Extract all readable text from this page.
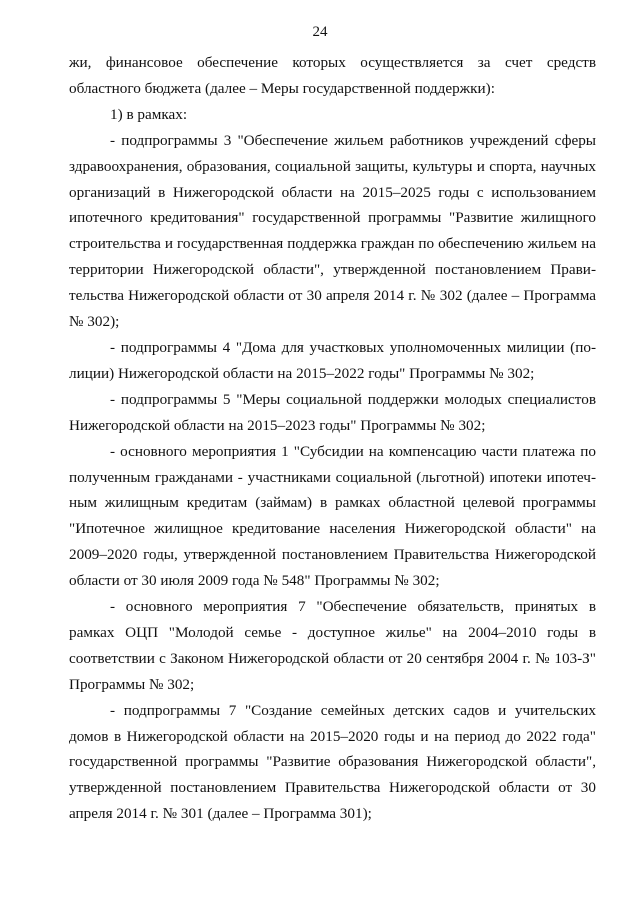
24

жи, финансовое обеспечение которых осуществляется за счет средств областного бюджета (далее – Меры государственной поддержки):

1) в рамках:

- подпрограммы 3 "Обеспечение жильем работников учреждений сферы здравоохранения, образования, социальной защиты, культуры и спорта, научных организаций в Нижегородской области на 2015–2025 годы с использованием ипотечного кредитования" государственной программы "Развитие жилищного строительства и государственная поддержка граждан по обеспечению жильем на территории Нижегородской области", утвержденной постановлением Правительства Нижегородской области от 30 апреля 2014 г. № 302 (далее – Программа № 302);

- подпрограммы 4 "Дома для участковых уполномоченных милиции (полиции) Нижегородской области на 2015–2022 годы" Программы № 302;

- подпрограммы 5 "Меры социальной поддержки молодых специалистов Нижегородской области на 2015–2023 годы" Программы № 302;

- основного мероприятия 1 "Субсидии на компенсацию части платежа по полученным гражданами - участниками социальной (льготной) ипотеки ипотечным жилищным кредитам (займам) в рамках областной целевой программы "Ипотечное жилищное кредитование населения Нижегородской области" на 2009–2020 годы, утвержденной постановлением Правительства Нижегородской области от 30 июля 2009 года № 548" Программы № 302;

- основного мероприятия 7 "Обеспечение обязательств, принятых в рамках ОЦП "Молодой семье - доступное жилье" на 2004–2010 годы в соответствии с Законом Нижегородской области от 20 сентября 2004 г. № 103-З" Программы № 302;

- подпрограммы 7 "Создание семейных детских садов и учительских домов в Нижегородской области на 2015–2020 годы и на период до 2022 года" государственной программы "Развитие образования Нижегородской области", утвержденной постановлением Правительства Нижегородской области от 30 апреля 2014 г. № 301 (далее – Программа 301);
